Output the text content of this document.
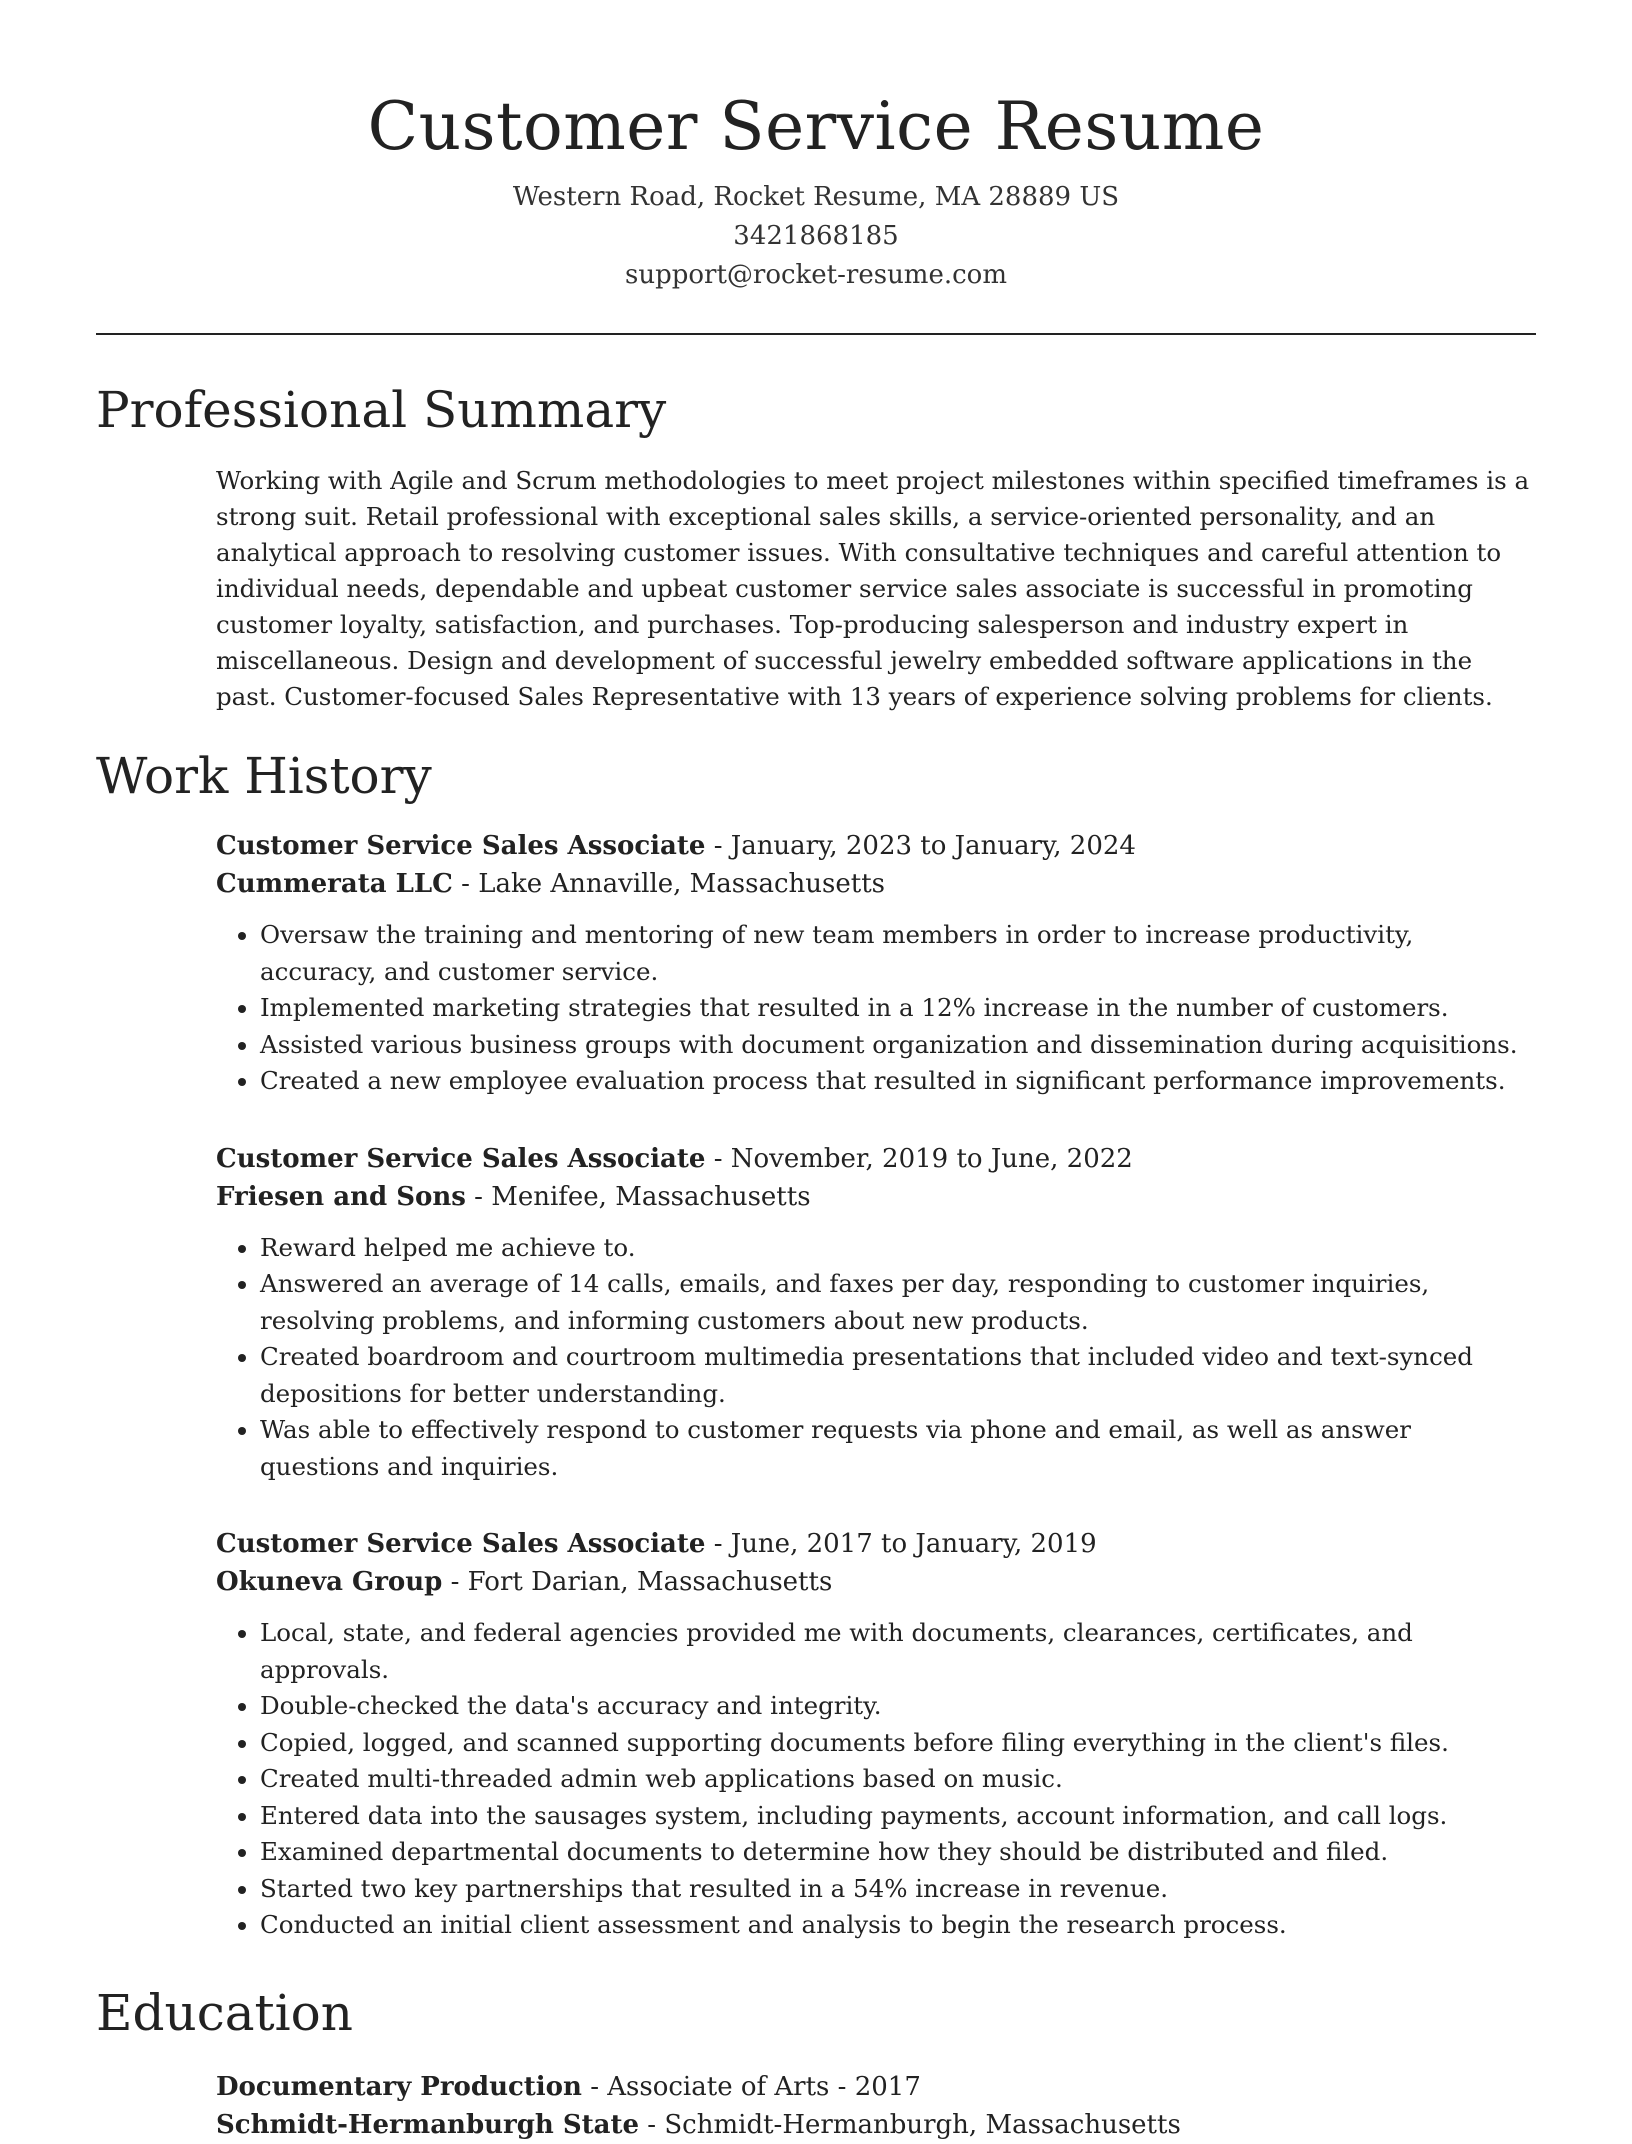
Customer Service Resume
Western Road, Rocket Resume, MA 28889 US
3421868185
support@rocket-resume.com
Professional Summary
Working with Agile and Scrum methodologies to meet project milestones within specified timeframes is a strong suit. Retail professional with exceptional sales skills, a service-oriented personality, and an analytical approach to resolving customer issues. With consultative techniques and careful attention to individual needs, dependable and upbeat customer service sales associate is successful in promoting customer loyalty, satisfaction, and purchases. Top-producing salesperson and industry expert in miscellaneous. Design and development of successful jewelry embedded software applications in the past. Customer-focused Sales Representative with 13 years of experience solving problems for clients.
Work History
Customer Service Sales Associate - January, 2023 to January, 2024
Cummerata LLC - Lake Annaville, Massachusetts
• Oversaw the training and mentoring of new team members in order to increase productivity, accuracy, and customer service.
• Implemented marketing strategies that resulted in a 12% increase in the number of customers.
• Assisted various business groups with document organization and dissemination during acquisitions.
• Created a new employee evaluation process that resulted in significant performance improvements.
Customer Service Sales Associate - November, 2019 to June, 2022
Friesen and Sons - Menifee, Massachusetts
• Reward helped me achieve to.
• Answered an average of 14 calls, emails, and faxes per day, responding to customer inquiries, resolving problems, and informing customers about new products.
• Created boardroom and courtroom multimedia presentations that included video and text-synced depositions for better understanding.
• Was able to effectively respond to customer requests via phone and email, as well as answer questions and inquiries.
Customer Service Sales Associate - June, 2017 to January, 2019
Okuneva Group - Fort Darian, Massachusetts
• Local, state, and federal agencies provided me with documents, clearances, certificates, and approvals.
• Double-checked the data's accuracy and integrity.
• Copied, logged, and scanned supporting documents before filing everything in the client's files.
• Created multi-threaded admin web applications based on music.
• Entered data into the sausages system, including payments, account information, and call logs.
• Examined departmental documents to determine how they should be distributed and filed.
• Started two key partnerships that resulted in a 54% increase in revenue.
• Conducted an initial client assessment and analysis to begin the research process.
Education
Documentary Production - Associate of Arts - 2017
Schmidt-Hermanburgh State - Schmidt-Hermanburgh, Massachusetts
